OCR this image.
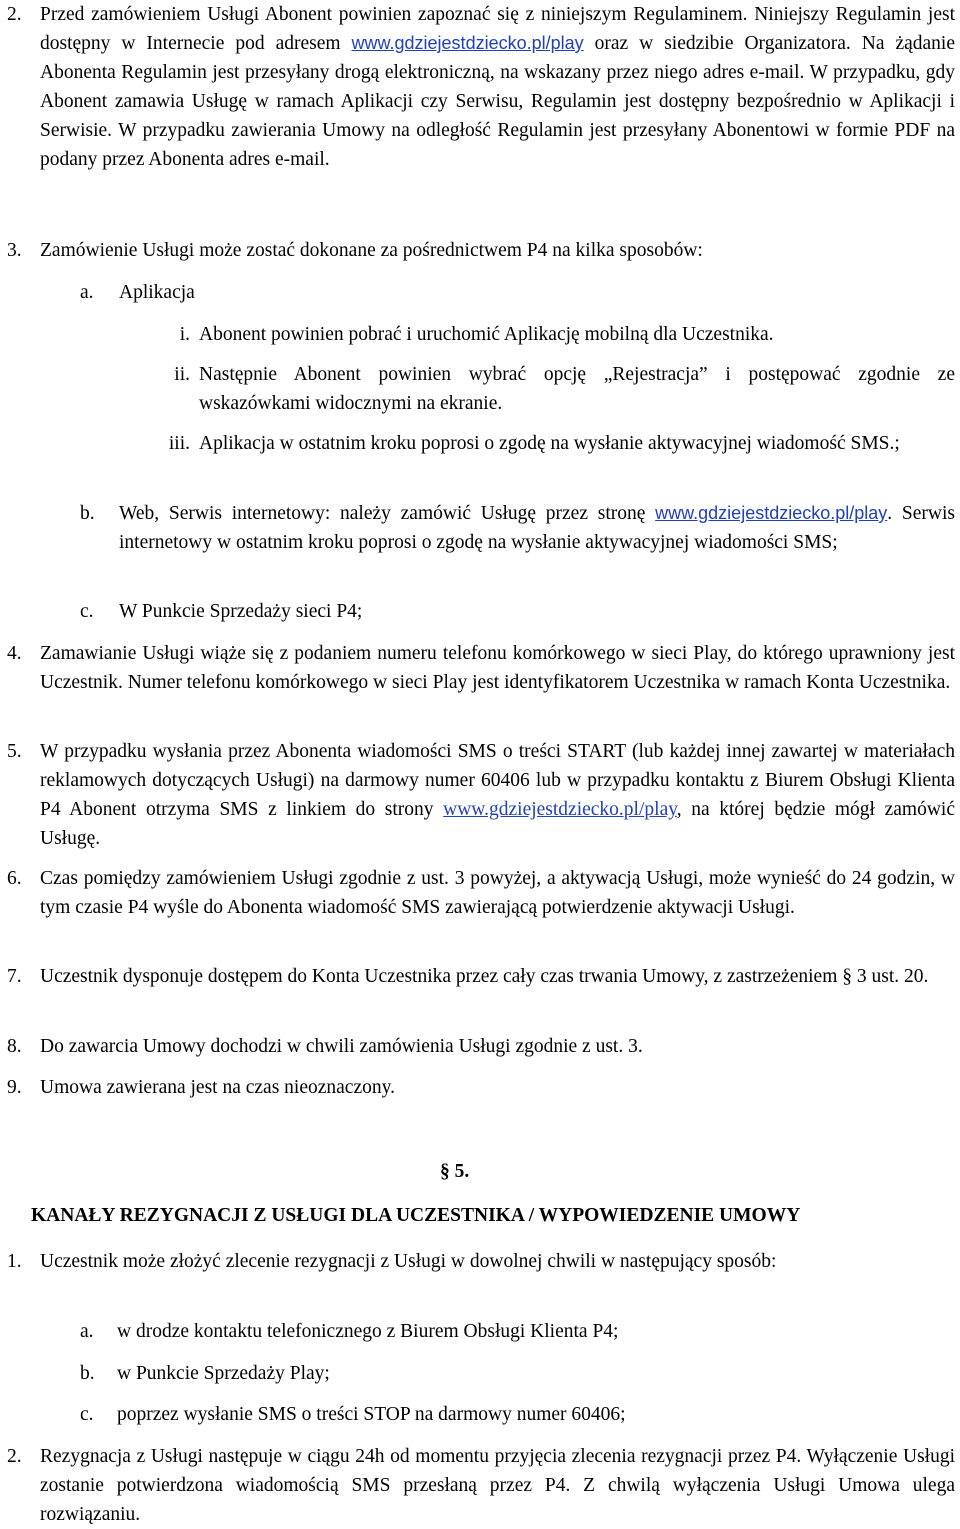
2. Przed zamówieniem Usługi Abonent powinien zapoznać się z niniejszym Regulaminem. Niniejszy Regulamin jest dostępny w Internecie pod adresem www.gdziejestdziecko.pl/play oraz w siedzibie Organizatora. Na żądanie Abonenta Regulamin jest przesyłany drogą elektroniczną, na wskazany przez niego adres e-mail. W przypadku, gdy Abonent zamawia Usługę w ramach Aplikacji czy Serwisu, Regulamin jest dostępny bezpośrednio w Aplikacji i Serwisie. W przypadku zawierania Umowy na odległość Regulamin jest przesyłany Abonentowi w formie PDF na podany przez Abonenta adres e-mail.
3. Zamówienie Usługi może zostać dokonane za pośrednictwem P4 na kilka sposobów:
a. Aplikacja
i. Abonent powinien pobrać i uruchomić Aplikację mobilną dla Uczestnika.
ii. Następnie Abonent powinien wybrać opcję „Rejestracja” i postępować zgodnie ze wskazówkami widocznymi na ekranie.
iii. Aplikacja w ostatnim kroku poprosi o zgodę na wysłanie aktywacyjnej wiadomość SMS.;
b. Web, Serwis internetowy: należy zamówić Usługę przez stronę www.gdziejestdziecko.pl/play. Serwis internetowy w ostatnim kroku poprosi o zgodę na wysłanie aktywacyjnej wiadomości SMS;
c. W Punkcie Sprzedaży sieci P4;
4. Zamawianie Usługi wiąże się z podaniem numeru telefonu komórkowego w sieci Play, do którego uprawniony jest Uczestnik. Numer telefonu komórkowego w sieci Play jest identyfikatorem Uczestnika w ramach Konta Uczestnika.
5. W przypadku wysłania przez Abonenta wiadomości SMS o treści START (lub każdej innej zawartej w materiałach reklamowych dotyczących Usługi) na darmowy numer 60406 lub w przypadku kontaktu z Biurem Obsługi Klienta P4 Abonent otrzyma SMS z linkiem do strony www.gdziejestdziecko.pl/play, na której będzie mógł zamówić Usługę.
6. Czas pomiędzy zamówieniem Usługi zgodnie z ust. 3 powyżej, a aktywacją Usługi, może wynieść do 24 godzin, w tym czasie P4 wyśle do Abonenta wiadomość SMS zawierającą potwierdzenie aktywacji Usługi.
7. Uczestnik dysponuje dostępem do Konta Uczestnika przez cały czas trwania Umowy, z zastrzeżeniem § 3 ust. 20.
8. Do zawarcia Umowy dochodzi w chwili zamówienia Usługi zgodnie z ust. 3.
9. Umowa zawierana jest na czas nieoznaczony.
§ 5.
KANAŁY REZYGNACJI Z USŁUGI DLA UCZESTNIKA / WYPOWIEDZENIE UMOWY
1. Uczestnik może złożyć zlecenie rezygnacji z Usługi w dowolnej chwili w następujący sposób:
a. w drodze kontaktu telefonicznego z Biurem Obsługi Klienta P4;
b. w Punkcie Sprzedaży Play;
c. poprzez wysłanie SMS o treści STOP na darmowy numer 60406;
2. Rezygnacja z Usługi następuje w ciągu 24h od momentu przyjęcia zlecenia rezygnacji przez P4. Wyłączenie Usługi zostanie potwierdzona wiadomością SMS przesłaną przez P4. Z chwilą wyłączenia Usługi Umowa ulega rozwiązaniu.
